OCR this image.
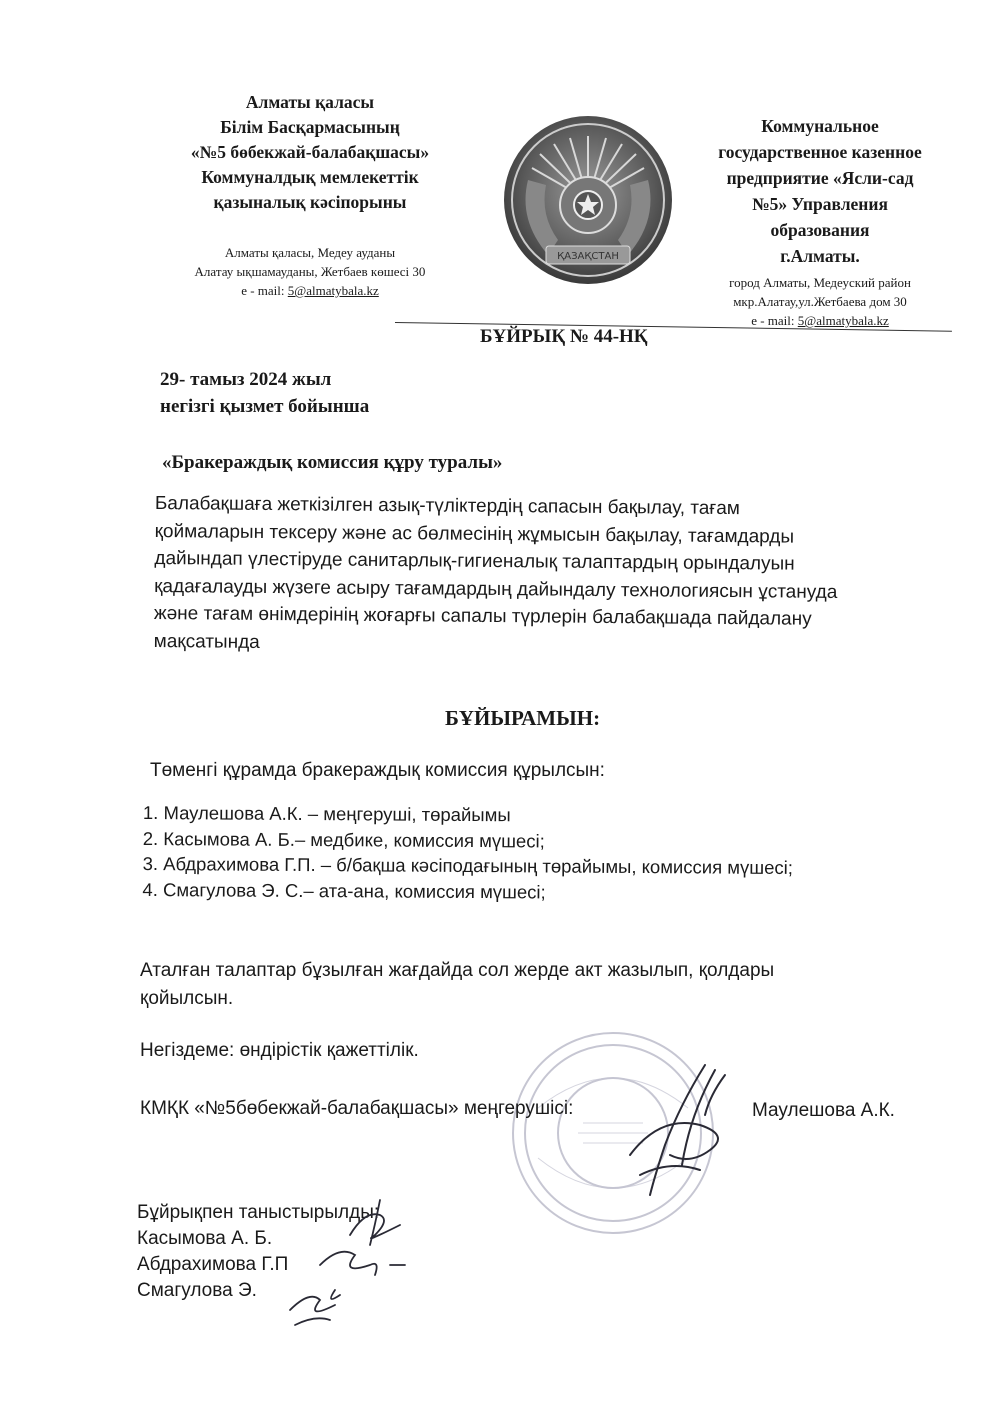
Алматы қаласы
Білім Басқармасының
«№5 бөбекжай-балабақшасы»
Коммуналдық мемлекеттік
қазыналық кәсіпорыны
Алматы қаласы, Медеу ауданы
Алатау ықшамауданы, Жетбаев көшесі 30
e - mail: 5@almatybala.kz
ҚАЗАҚСТАН
Коммунальное
государственное казенное
предприятие «Ясли-сад
№5» Управления
образования
г.Алматы.
город Алматы, Медеуский район
мкр.Алатау,ул.Жетбаева дом 30
e - mail: 5@almatybala.kz
БҰЙРЫҚ № 44-НҚ
29- тамыз 2024 жыл
негізгі қызмет бойынша
«Бракераждық комиссия құру туралы»

Балабақшаға жеткізілген азық-түліктердің сапасын бақылау, тағам

қоймаларын тексеру және ас бөлмесінің жұмысын бақылау, тағамдарды

дайындап үлестіруде санитарлық-гигиеналық талаптардың орындалуын

қадағалауды жүзеге асыру тағамдардың дайындалу технологиясын ұстануда

және тағам өнімдерінің жоғарғы сапалы түрлерін балабақшада пайдалану

мақсатында

БҰЙЫРАМЫН:
Төменгі құрамда бракераждық комиссия құрылсын:
1. Маулешова А.К. – меңгеруші, төрайымы
2. Касымова А. Б.– медбике, комиссия мүшесі;
3. Абдрахимова Г.П. – б/бақша кәсіподағының төрайымы, комиссия мүшесі;
4. Смагулова Э. С.– ата-ана, комиссия мүшесі;
Аталған талаптар бұзылған жағдайда сол жерде акт жазылып, қолдары
қойылсын.
Негіздеме: өндірістік қажеттілік.
КМҚК «№5бөбекжай-балабақшасы» меңгерушісі:	Маулешова А.К.
Бұйрықпен таныстырылды:
Касымова А. Б.
Абдрахимова Г.П
Смагулова Э.
